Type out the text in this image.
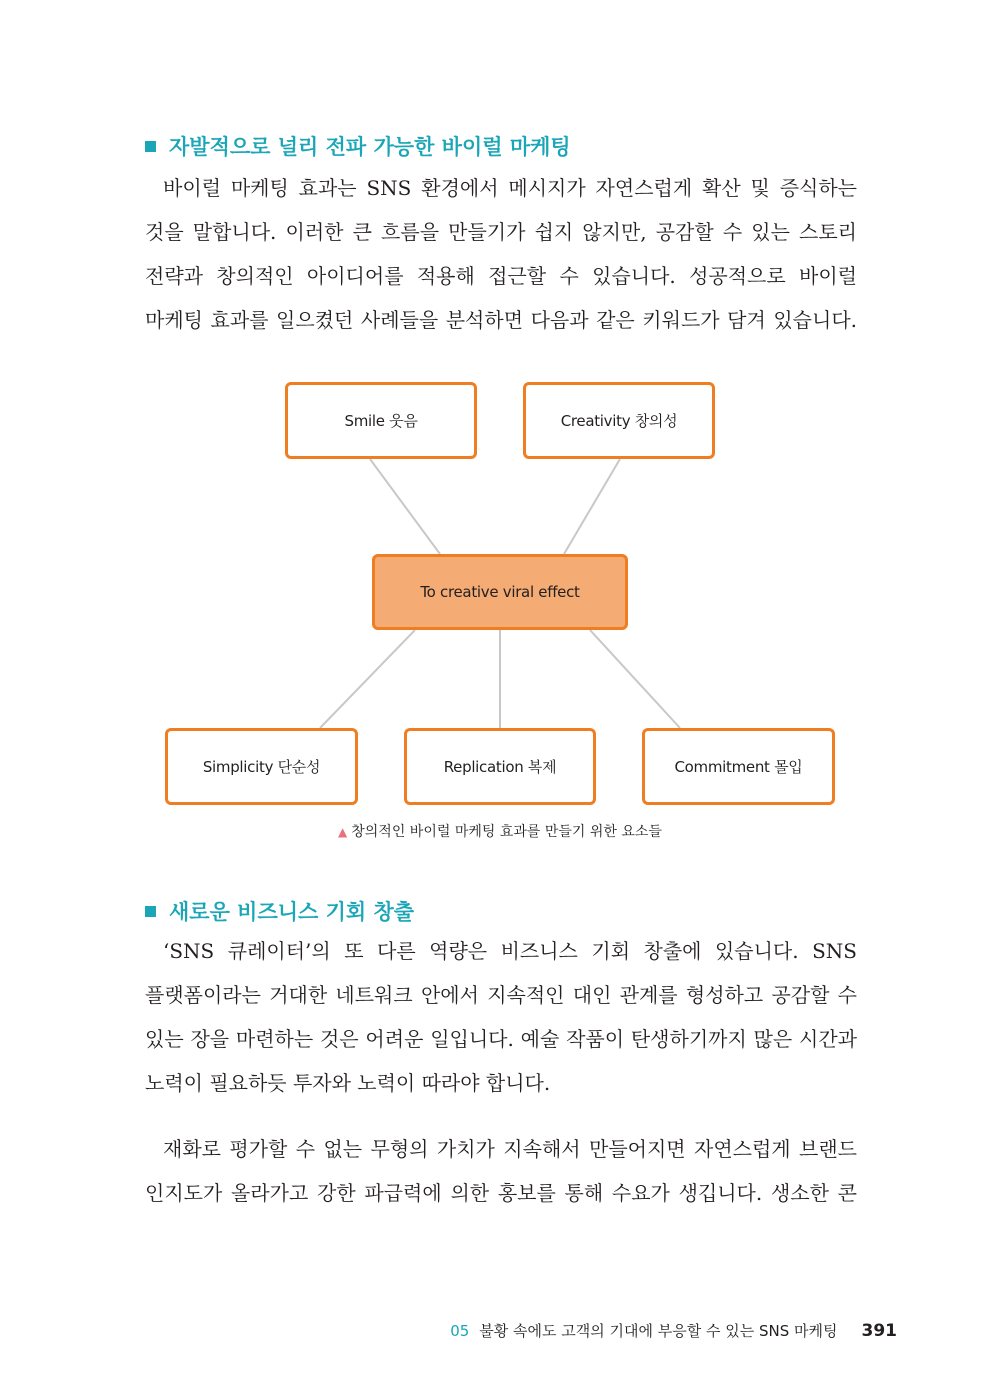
자발적으로 널리 전파 가능한 바이럴 마케팅

바이럴 마케팅 효과는 SNS 환경에서 메시지가 자연스럽게 확산 및 증식하는 것을 말합니다. 이러한 큰 흐름을 만들기가 쉽지 않지만, 공감할 수 있는 스토리 전략과 창의적인 아이디어를 적용해 접근할 수 있습니다. 성공적으로 바이럴 마케팅 효과를 일으켰던 사례들을 분석하면 다음과 같은 키워드가 담겨 있습니다.

Smile 웃음	Creativity 창의성
To creative viral effect
Simplicity 단순성	Replication 복제	Commitment 몰입
▲ 창의적인 바이럴 마케팅 효과를 만들기 위한 요소들
새로운 비즈니스 기회 창출

‘SNS 큐레이터’의 또 다른 역량은 비즈니스 기회 창출에 있습니다. SNS 플랫폼이라는 거대한 네트워크 안에서 지속적인 대인 관계를 형성하고 공감할 수 있는 장을 마련하는 것은 어려운 일입니다. 예술 작품이 탄생하기까지 많은 시간과 노력이 필요하듯 투자와 노력이 따라야 합니다.

재화로 평가할 수 없는 무형의 가치가 지속해서 만들어지면 자연스럽게 브랜드 인지도가 올라가고 강한 파급력에 의한 홍보를 통해 수요가 생깁니다. 생소한 콘

05 불황 속에도 고객의 기대에 부응할 수 있는 SNS 마케팅 391
